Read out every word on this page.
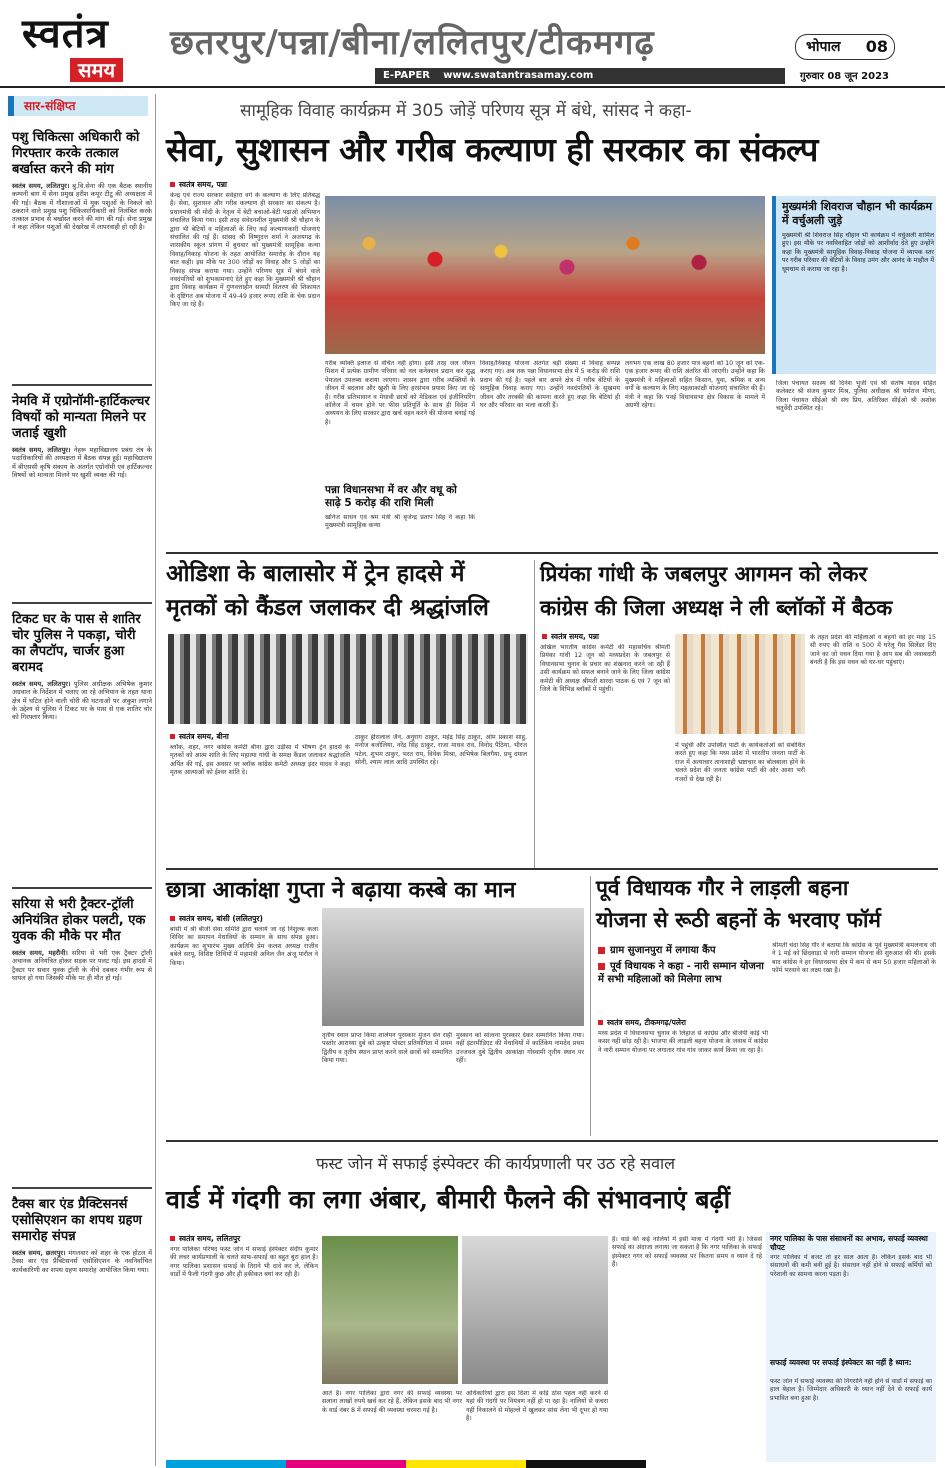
स्वतंत्र
समय
छतरपुर/पन्ना/बीना/ललितपुर/टीकमगढ़	भोपाल 08
E-PAPER www.swatantrasamay.com	गुरुवार 08 जून 2023
सार-संक्षिप्त
पशु चिकित्सा अधिकारी को गिरफ्तार करके तत्काल बर्खास्त करने की मांग
स्वतंत्र समय, ललितपुर। बु.वि.सेना की एक बैठक स्थानीय कम्पनी बाग में सेना प्रमुख हरीश कपूर टीटू की अध्यक्षता में की गई। बैठक में गौशालाओं में मूक पशुओं के निकले को ठकराने वाले प्रमुख पशु चिकित्साधिकारी को निलंबित करके तत्काल प्रभाव से बर्खास्त करने की मांग की गई। सेना प्रमुख ने कहा लेकिन पशुओं की देखरेख में लापरवाही हो रही है।
नेमवि में एग्रोनॉमी-हार्टिकल्चर विषयों को मान्यता मिलने पर जताई खुशी
स्वतंत्र समय, ललितपुर। नेहरू महाविद्यालय प्रबंध तंत्र के पदाधिकारियों की अध्यक्षता में बैठक संपन्न हुई। महाविद्यालय में बीएससी कृषि संकाय के अंतर्गत एग्रोनॉमी एवं हार्टिकल्चर विषयों को मान्यता मिलने पर खुशी व्यक्त की गई।
टिकट घर के पास से शातिर चोर पुलिस ने पकड़ा, चोरी का लैपटॉप, चार्जर हुआ बरामद
स्वतंत्र समय, ललितपुर। पुलिस अधीक्षक अभिषेक कुमार अग्रवाल के निर्देशन में चलाए जा रहे अभियान के तहत थाना क्षेत्र में घटित होने वाली चोरी की घटनाओं पर अंकुश लगाने के उद्देश्य से पुलिस ने टिकट घर के पास से एक शातिर चोर को गिरफ्तार किया।
सरिया से भरी ट्रैक्टर-ट्रॉली अनियंत्रित होकर पलटी, एक युवक की मौके पर मौत
स्वतंत्र समय, महरौनी। सरिया से भरी एक ट्रैक्टर ट्रॉली अचानक अनियंत्रित होकर सड़क पर पलट गई। इस हादसे में ट्रैक्टर पर सवार युवक ट्रॉली के नीचे दबकर गंभीर रूप से घायल हो गया जिसकी मौके पर ही मौत हो गई।
टैक्स बार एंड प्रैक्टिसनर्स एसोसिएशन का शपथ ग्रहण समारोह संपन्न
स्वतंत्र समय, छतरपुर। मंगलवार को शहर के एक होटल में टैक्स बार एंड प्रैक्टिसनर्स एसोसिएशन के नवनिर्वाचित कार्यकारिणी का शपथ ग्रहण समारोह आयोजित किया गया।
सामूहिक विवाह कार्यक्रम में 305 जोड़ें परिणय सूत्र में बंधे, सांसद ने कहा-
सेवा, सुशासन और गरीब कल्याण ही सरकार का संकल्प
स्वतंत्र समय, पन्ना
केन्द्र एवं राज्य सरकार सर्वहारा वर्ग के कल्याण के लिए प्रतिबद्ध है। सेवा, सुशासन और गरीब कल्याण ही सरकार का संकल्प है। प्रधानमंत्री श्री मोदी के नेतृत्व में बेटी बचाओ-बेटी पढ़ाओ अभियान संचालित किया गया। इसी तरह संवेदनशील मुख्यमंत्री श्री चौहान के द्वारा भी बेटियों व महिलाओं के लिए कई कल्याणकारी योजनाएं संचालित की गई हैं। सांसद श्री विष्णुदत्त शर्मा ने अजयगढ़ के शासकीय स्कूल प्रांगण में बुधवार को मुख्यमंत्री सामूहिक कन्या विवाह/निकाह योजना के तहत आयोजित समारोह के दौरान यह बात कही। इस मौके पर 300 जोड़ों का विवाह और 5 जोड़ों का निकाह संपन्न कराया गया। उन्होंने परिणय सूत्र में बंधने वाले नवदंपतियों को शुभकामनाएं देते हुए कहा कि मुख्यमंत्री श्री चौहान द्वारा विवाह कार्यक्रम में गुणवत्ताहीन सामग्री वितरण की शिकायत के दृष्टिगत अब योजना में 49-49 हजार रूपए राशि के चेक प्रदान किए जा रहे हैं।
गरीब व्यक्ति इलाज से वंचित नहीं होगा। इसी तरह जल जीवन मिशन में प्रत्येक ग्रामीण परिवार को नल कनेक्शन प्रदान कर शुद्ध पेयजल उपलब्ध कराया जाएगा। शासन द्वारा गरीब व्यक्तियों के जीवन में बदलाव और खुशी के लिए हरसंभव प्रयास किए जा रहे हैं। गरीब प्रतिभावान व मेधावी छात्रों को मेडिकल एवं इंजीनियरिंग कॉलेज में चयन होने पर फीस प्रतिपूर्ति के साथ ही विदेश में अध्ययन के लिए सरकार द्वारा खर्च वहन करने की योजना बनाई गई है।
विवाह/निकाह योजना अंतर्गत बड़ी संख्या में विवाह सम्पन्न कराए गए। अब तक पन्ना विधानसभा क्षेत्र में 5 करोड़ की राशि प्रदान की गई है। पहले बार अपने क्षेत्र में गरीब बेटियों के सामूहिक विवाह कराए गए। उन्होंने नवदंपतियों के सुखमय जीवन और तरक्की की कामना करते हुए कहा कि बेटियां ही घर और परिवार का भला करती हैं।
लगभग एक लाख 80 हजार पात्र बहनों को 10 जून को एक-एक हजार रूपए की राशि अंतरित की जाएगी। उन्होंने कहा कि मुख्यमंत्री ने महिलाओं सहित किसान, युवा, श्रमिक व अन्य वर्गों के कल्याण के लिए महत्वाकांक्षी योजनाएं संचालित की हैं। मंत्री ने कहा कि पवई विधानसभा क्षेत्र विकास के मामले में अग्रणी रहेगा।
पन्ना विधानसभा में वर और वधू को साढ़े 5 करोड़ की राशि मिली
खनिज साधन एवं श्रम मंत्री श्री बृजेन्द्र प्रताप सिंह ने कहा कि मुख्यमंत्री सामूहिक कन्या
मुख्यमंत्री शिवराज चौहान भी कार्यक्रम में वर्चुअली जुड़े
मुख्यमंत्री श्री शिवराज सिंह चौहान भी कार्यक्रम में वर्चुअली शामिल हुए। इस मौके पर नवविवाहित जोड़ों को आशीर्वाद देते हुए उन्होंने कहा कि मुख्यमंत्री सामूहिक विवाह-निकाह योजना में व्यापक स्तर पर गरीब परिवार की बेटियों के विवाह उमंग और आनंद के माहौल में धूमधाम से कराया जा रहा है।
जिला पंचायत सदस्य श्री दिनेश भुर्जी एवं श्री संतोष यादव सहित कलेक्टर श्री संजय कुमार मिश्र, पुलिस अधीक्षक श्री धर्मराज मीणा, जिला पंचायत सीईओ श्री संघ प्रिय, अतिरिक्त सीईओ श्री अशोक चतुर्वेदी उपस्थित रहे।
ओडिशा के बालासोर में ट्रेन हादसे में
मृतकों को कैंडल जलाकर दी श्रद्धांजलि
स्वतंत्र समय, बीना
ब्लॉक, शहर, नगर कांग्रेस कमेटी बीना द्वारा उड़ीसा में भीषण ट्रेन हादसे के मृतकों को आत्म शांति के लिए महात्मा गांधी के समक्ष कैंडल जलाकर श्रद्धांजलि अर्पित की गई, इस अवसर पर ब्लॉक कांग्रेस कमेटी अध्यक्ष इंदर यादव ने कहा मृतक आत्माओं को ईश्वर शांति दे।
ठाकुर हीरालाल जैन, अनुराग ठाकुर, महेंद्र सिंह ठाकुर, ओम प्रकाश साहु, मनोज बजोलिया, नरेंद्र सिंह ठाकुर, राजा माधव राव, विनोद पैठिया, भीरज पटेल, शुभम ठाकुर, भरत राय, विवेक मिश्रा, अभिषेक बिलगैया, प्रभु दयाल सोनी, श्याम लाल आदि उपस्थित रहे।
प्रियंका गांधी के जबलपुर आगमन को लेकर
कांग्रेस की जिला अध्यक्ष ने ली ब्लॉकों में बैठक
स्वतंत्र समय, पन्ना
अखिल भारतीय कांग्रेस कमेटी की महासचिव श्रीमती प्रियंका गांधी 12 जून को मध्यप्रदेश के जबलपुर से विधानसभा चुनाव के प्रचार का शंखनाद करने जा रही हैं उसी कार्यक्रम को सफल बनाने जाने के लिए जिला कांग्रेस कमेटी की अध्यक्ष श्रीमती शारदा पाठक 6 एवं 7 जून को जिले के विभिन्न ब्लॉकों में पहुंची।
में पहुंची और उपस्थित पार्टी के कार्यकर्ताओं को संबोधित करते हुए कहा कि मध्य प्रदेश में भारतीय जनता पार्टी के राज में अत्याचार तानाशाही भ्रष्टाचार का बोलबाला होने के चलते प्रदेश की जनता कांग्रेस पार्टी की ओर आशा भरी नजरों से देख रही है।
के तहत प्रदेश की महिलाओं व बहनों को हर माह 15 सौ रुपए की राशि व 500 में घरेलू गैस सिलेंडर दिए जाने का जो वचन दिया गया है आप सब की जवाबदारी बनती है कि इस वचन को घर-घर पहुंचाएं।
छात्रा आकांक्षा गुप्ता ने बढ़ाया कस्बे का मान
स्वतंत्र समय, बांसी (ललितपुर)
बांसी में श्री बीजी सेवा समिति द्वारा चलाये जा रहे निशुल्क कला शिविर का समापन मेधावियों के सम्मान के साथ संपन्न हुआ। कार्यक्रम का शुभारंभ मुख्य अतिथि प्रेम कलश अध्यक्ष राजीव बबेले सरपू, विशिष्ट तिथियों में महामंत्री अनिल जैन अंजू पारौल ने किया।
तृतीय स्थान प्राप्त किया शालेयन पुरस्कार मुंजन सेन राही पस्तोर आराध्या दुबे को उत्कृष्ट पोस्टर प्रतियोगिता में प्रथम द्वितीय व तृतीय स्थान प्राप्त करने वाले छात्रों को सम्मानित किया गया।
मुस्कान को सांत्वना पुरस्कार देकर सम्मानित किया गया। वहीं इंटरमीडिएट की मेधावियों में कार्तिकेय नामदेव प्रथम उज्जवल दुबे द्वितीय आकांक्षा गोस्वामी तृतीय स्थान पर रहीं।
पूर्व विधायक गौर ने लाड़ली बहना
योजना से रूठी बहनों के भरवाए फॉर्म
ग्राम सुजानपुरा में लगाया कैंप
पूर्व विधायक ने कहा - नारी सम्मान योजना में सभी महिलाओं को मिलेगा लाभ
स्वतंत्र समय, टीकमगढ़/पलेरा
मध्य प्रदेश में विधानसभा चुनाव के लिहाज से कांग्रेस और बीजेपी कोई भी कसर नहीं छोड़ रही है। भाजपा की लाड़ली बहना योजना के जवाब में कांग्रेस ने नारी सम्मान योजना पर लगातार गांव गांव जाकर कार्य किया जा रहा है।
श्रीमती चंदा सिंह गौर ने बताया कि कांग्रेस के पूर्व मुख्यमंत्री कमलनाथ जी ने 1 मई को छिंदवाड़ा से नारी सम्मान योजना की शुरुआत की थी। इसके बाद कांग्रेस ने हर विधानसभा क्षेत्र में कम से कम 50 हजार महिलाओं के फॉर्म भरवाने का लक्ष्य रखा है।
फस्ट जोन में सफाई इंस्पेक्टर की कार्यप्रणाली पर उठ रहे सवाल
वार्ड में गंदगी का लगा अंबार, बीमारी फैलने की संभावनाएं बढ़ीं
स्वतंत्र समय, ललितपुर
नगर पालिका परिषद फस्ट जोन में सफाई इंस्पेक्टर संदीप कुमार की लचर कार्यप्रणाली के चलते साफ-सफाई का बहुत बुरा हाल है। नगर पालिका प्रशासन सफाई के तिराने भी दावे कर ले, लेकिन वार्डों में फैली गंदगी कुछ और ही हकीकत बयां कर रही है।
आते है। नगर पालिका द्वारा नगर की सफाई व्यवस्था पर सलाना लाखों रुपये खर्च कर रहे हैं, लेकिन इसके बाद भी नगर के वार्ड नंबर 8 में सफाई की व्यवस्था चरमरा गई है।
अधिकारियों द्वारा इस दिशा में कोई ठोस पहल नहीं करने से यहां की गंदगी पर नियंत्रण नहीं हो पा रहा है। नालियों से कचरा नहीं निकालने से मोहल्ले में खुलकर सांस लेना भी दूभर हो गया है।
है। वार्ड की कई नालियों में इसी मात्रा में गंदगी भरी है। जिससे सफाई का अंदाजा लगाया जा सकता है कि नगर पालिका के सफाई इंस्पेक्टर नगर को सफाई व्यवस्था पर कितना समय व ध्यान दे रहे हैं।
नगर पालिका के पास संसाधनों का अभाव, सफाई व्यवस्था चौपट
नगर पालिका में बजट तो हर साल आता है। लेकिन इसके बाद भी संसाधनों की कमी बनी हुई है। संसाधन नहीं होने से सफाई कर्मियों को परेशानी का सामना करना पड़ता है।
सफाई व्यवस्था पर सफाई इंस्पेक्टर का नहीं है ध्यान:
फस्ट जोन में सफाई व्यवस्था की निगरानि नहीं होने से वार्डों में सफाई का हाल बेहाल है। जिम्मेदार अधिकारी के ध्यान नहीं देने से सफाई कार्य प्रभावित बना हुआ है।
